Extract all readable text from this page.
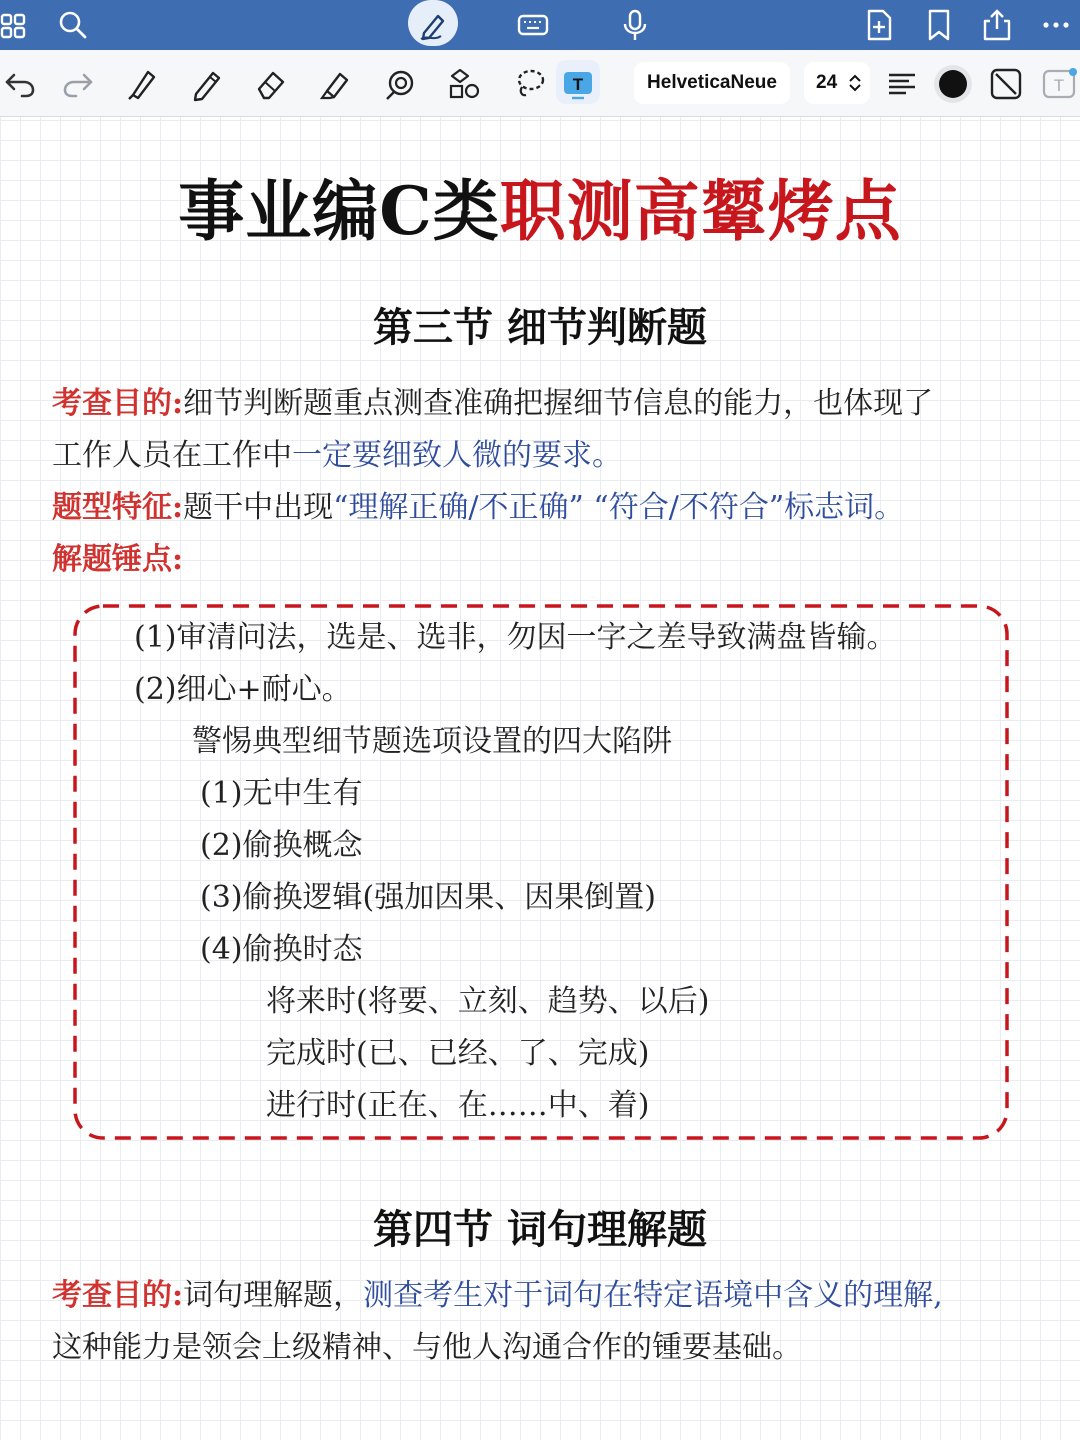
T	HelveticaNeue	24	T
事业编C类职测高颦烤点
第三节 细节判断题
考查目的:细节判断题重点测查准确把握细节信息的能力，也体现了
工作人员在工作中一定要细致人微的要求。
题型特征:题干中出现“理解正确/不正确” “符合/不符合”标志词。
解题锤点:
(1)审清问法，选是、选非，勿因一字之差导致满盘皆输。
(2)细心+耐心。
警惕典型细节题选项设置的四大陷阱
(1)无中生有
(2)偷换概念
(3)偷换逻辑(强加因果、因果倒置)
(4)偷换时态
将来时(将要、立刻、趋势、以后)
完成时(已、已经、了、完成)
进行时(正在、在……中、着)
第四节 词句理解题
考查目的:词句理解题，测查考生对于词句在特定语境中含义的理解,
这种能力是领会上级精神、与他人沟通合作的锺要基础。
